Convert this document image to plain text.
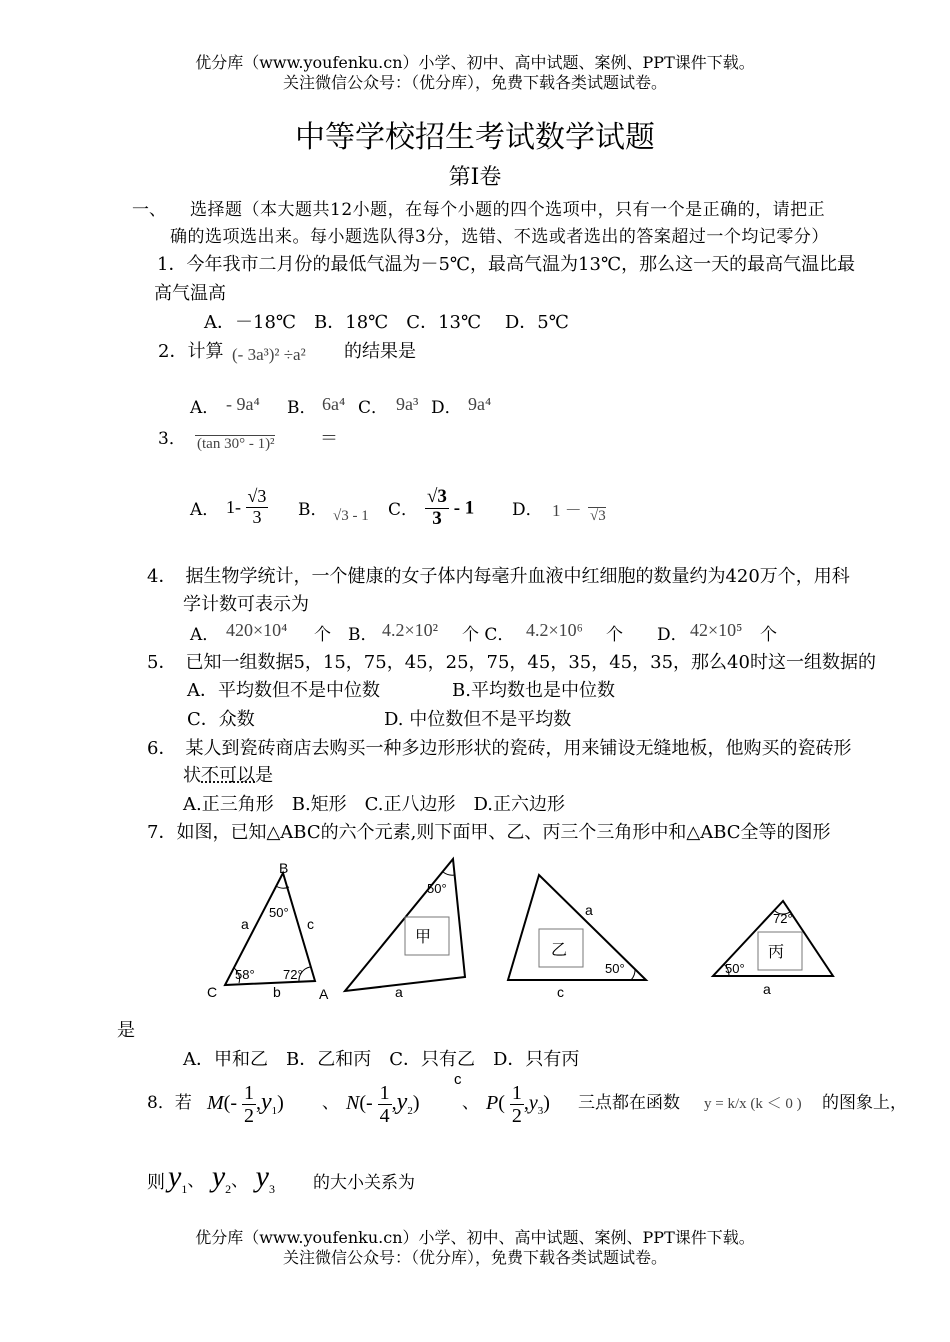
优分库（www.youfenku.cn）小学、初中、高中试题、案例、PPT课件下载。
关注微信公众号：（优分库），免费下载各类试题试卷。
中等学校招生考试数学试题
第Ⅰ卷
一、 选择题（本大题共12小题，在每个小题的四个选项中，只有一个是正确的，请把正
确的选项选出来。每小题选队得3分，选错、不选或者选出的答案超过一个均记零分）
1．今年我市二月份的最低气温为－5℃，最高气温为13℃，那么这一天的最高气温比最
高气温高
A．－18℃　B．18℃　C．13℃　 D．5℃
2．计算 (- 3a³)² ÷a² 的结果是
A． - 9a⁴ B． 6a⁴ C． 9a³ D． 9a⁴
3． (tan 30° - 1)²	＝
A． $1- \frac{√3}{3}$ B． √3 - 1 C． $\frac{√3}{3} - 1$ D． 1 － √3
4．　据生物学统计，一个健康的女子体内每毫升血液中红细胞的数量约为420万个，用科
学计数可表示为
A． 420×10⁴ 个　B． 4.2×10² 个 C． 4.2×10⁶ 个　　D． 42×10⁵ 个
5．　已知一组数据5，15，75，45，25，75，45，35，45，35，那么40时这一组数据的
A．平均数但不是中位数	B.平均数也是中位数
C．众数	D. 中位数但不是平均数
6．　某人到瓷砖商店去购买一种多边形形状的瓷砖，用来铺设无缝地板，他购买的瓷砖形
状不可以是
A.正三角形　B.矩形　C.正八边形　D.正六边形
7．如图，已知△ABC的六个元素,则下面甲、乙、丙三个三角形中和△ABC全等的图形
B
C	A
a
b
c
50°
58° 72°
50°
甲
a
a
乙
50°
c
72°
丙
50°
a
是
A．甲和乙　B．乙和丙　C．只有乙　D．只有丙
c
8．若 $M(- \frac{1}{2} ,y_1)$ 、 $N(- \frac{1}{4} ,y_2)$	、 $P( \frac{1}{2} ,y_3)$ 三点都在函数 y = k/x (k ＜ 0 ) 的图象上，
则 $y_1$、 $y_2$、 $y_3$ 的大小关系为
优分库（www.youfenku.cn）小学、初中、高中试题、案例、PPT课件下载。
关注微信公众号：（优分库），免费下载各类试题试卷。
